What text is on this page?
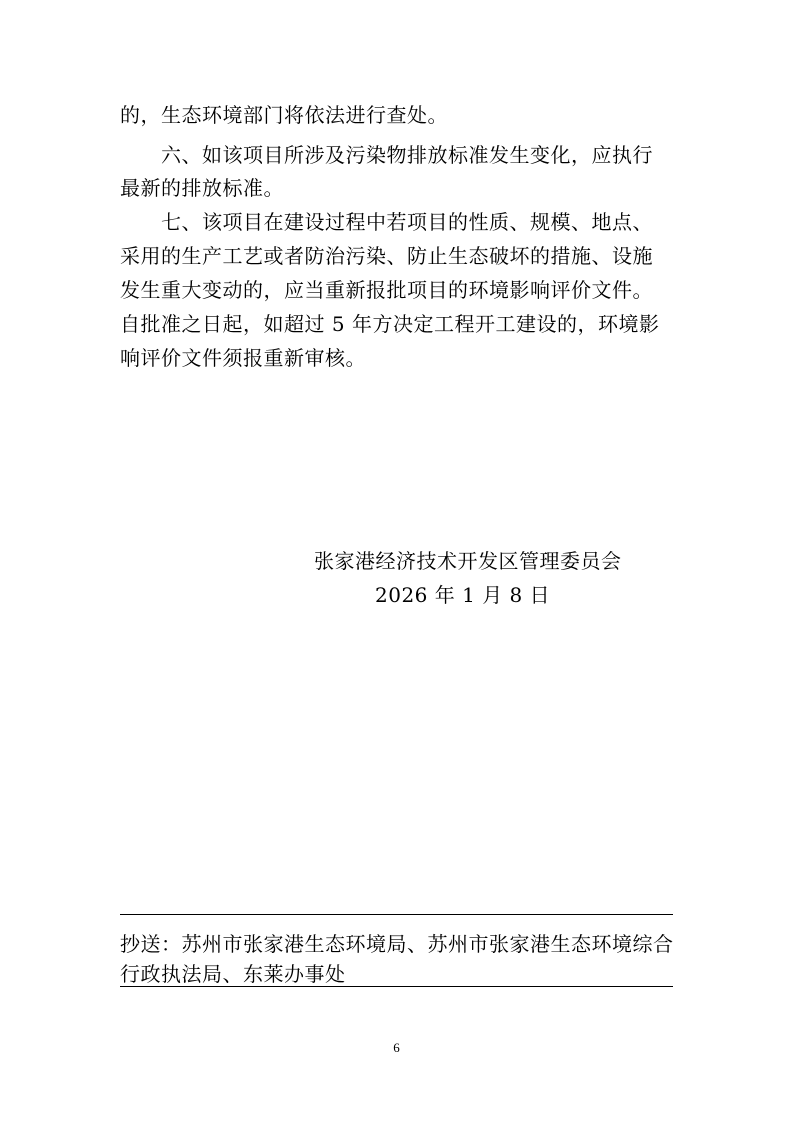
的，生态环境部门将依法进行查处。
　　六、如该项目所涉及污染物排放标准发生变化，应执行
最新的排放标准。
　　七、该项目在建设过程中若项目的性质、规模、地点、
采用的生产工艺或者防治污染、防止生态破坏的措施、设施
发生重大变动的，应当重新报批项目的环境影响评价文件。
自批准之日起，如超过 5 年方决定工程开工建设的，环境影
响评价文件须报重新审核。
张家港经济技术开发区管理委员会
2026 年 1 月 8 日
抄送：苏州市张家港生态环境局、苏州市张家港生态环境综合
行政执法局、东莱办事处
6
